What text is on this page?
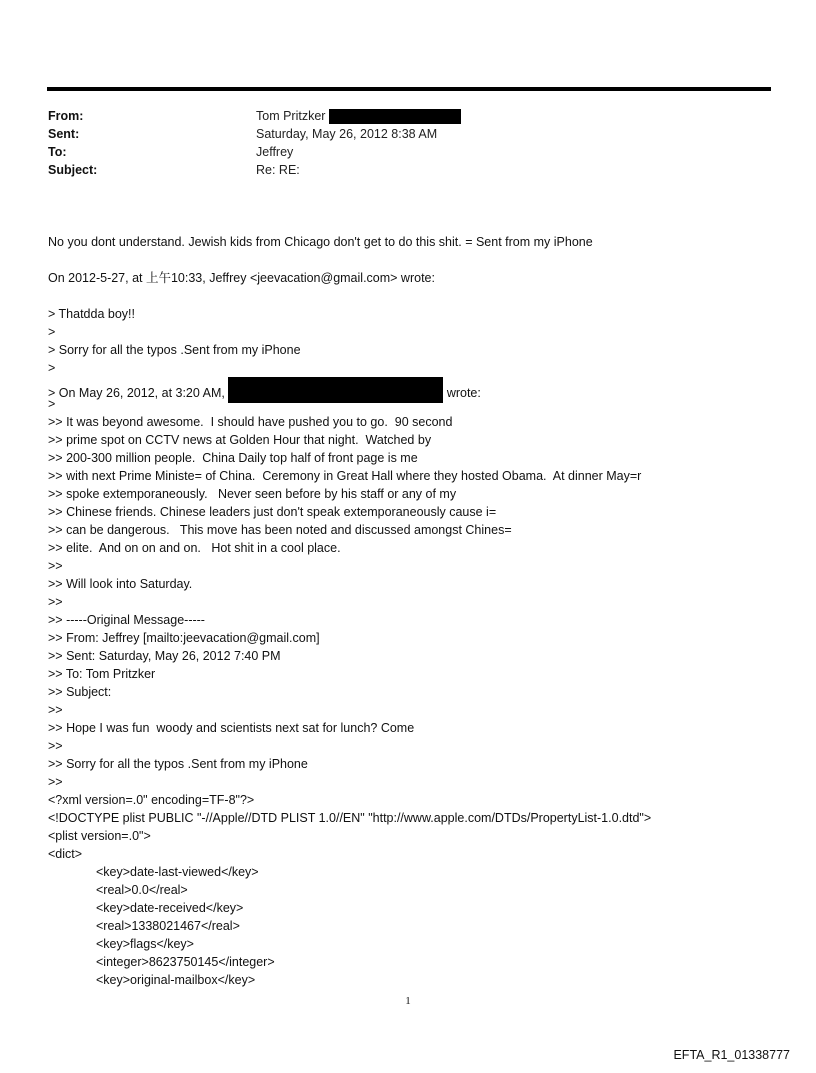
From:	Tom Pritzker
Sent:	Saturday, May 26, 2012 8:38 AM
To:	Jeffrey
Subject:	Re: RE:
No you dont understand. Jewish kids from Chicago don't get to do this shit. = Sent from my iPhone
On 2012-5-27, at 上午10:33, Jeffrey <jeevacation@gmail.com> wrote:
> Thatdda boy!!
>
> Sorry for all the typos .Sent from my iPhone
>
> On May 26, 2012, at 3:20 AM,	wrote:
>
>> It was beyond awesome.  I should have pushed you to go.  90 second
>> prime spot on CCTV news at Golden Hour that night.  Watched by
>> 200-300 million people.  China Daily top half of front page is me
>> with next Prime Ministe= of China.  Ceremony in Great Hall where they hosted Obama.  At dinner May=r
>> spoke extemporaneously.   Never seen before by his staff or any of my
>> Chinese friends. Chinese leaders just don't speak extemporaneously cause i=
>> can be dangerous.   This move has been noted and discussed amongst Chines=
>> elite.  And on on and on.   Hot shit in a cool place.
>>
>> Will look into Saturday.
>>
>> -----Original Message-----
>> From: Jeffrey [mailto:jeevacation@gmail.com]
>> Sent: Saturday, May 26, 2012 7:40 PM
>> To: Tom Pritzker
>> Subject:
>>
>> Hope I was fun  woody and scientists next sat for lunch? Come
>>
>> Sorry for all the typos .Sent from my iPhone
>>
<?xml version=.0" encoding=TF-8"?>
<!DOCTYPE plist PUBLIC "-//Apple//DTD PLIST 1.0//EN" "http://www.apple.com/DTDs/PropertyList-1.0.dtd">
<plist version=.0">
<dict>
<key>date-last-viewed</key>
<real>0.0</real>
<key>date-received</key>
<real>1338021467</real>
<key>flags</key>
<integer>8623750145</integer>
<key>original-mailbox</key>
1
EFTA_R1_01338777
